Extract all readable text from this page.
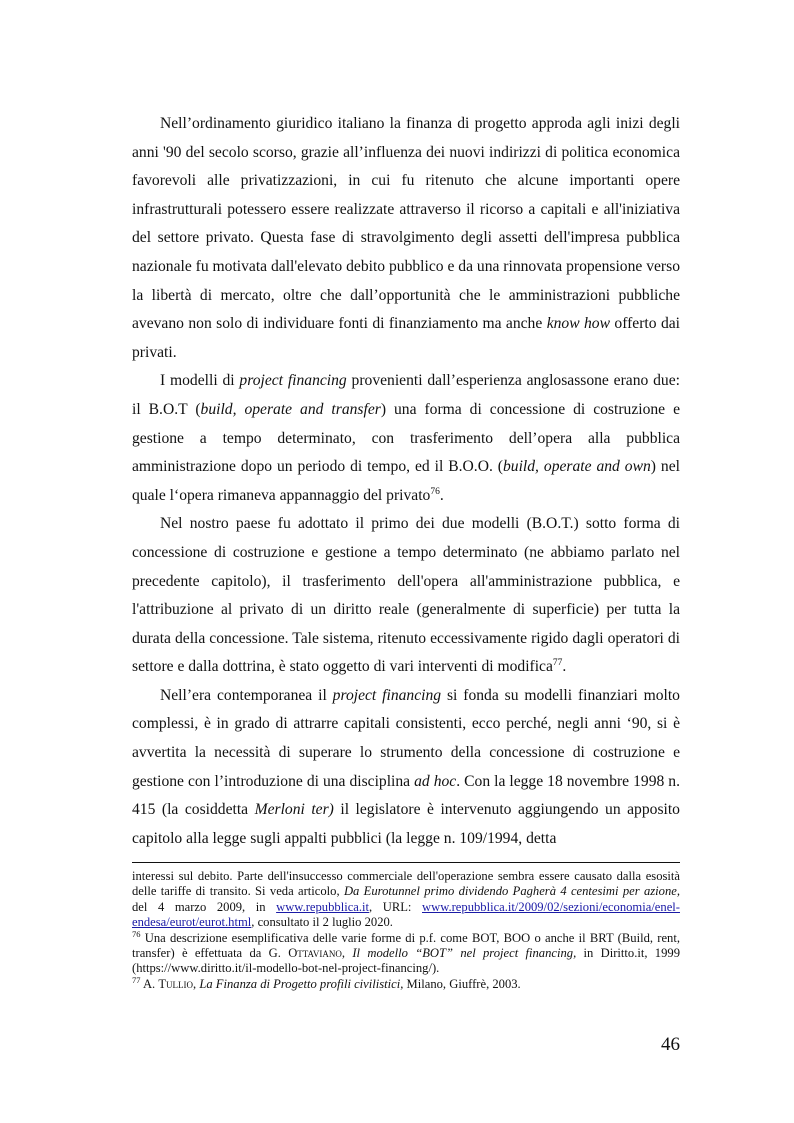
Nell’ordinamento giuridico italiano la finanza di progetto approda agli inizi degli anni '90 del secolo scorso, grazie all’influenza dei nuovi indirizzi di politica economica favorevoli alle privatizzazioni, in cui fu ritenuto che alcune importanti opere infrastrutturali potessero essere realizzate attraverso il ricorso a capitali e all'iniziativa del settore privato. Questa fase di stravolgimento degli assetti dell'impresa pubblica nazionale fu motivata dall'elevato debito pubblico e da una rinnovata propensione verso la libertà di mercato, oltre che dall’opportunità che le amministrazioni pubbliche avevano non solo di individuare fonti di finanziamento ma anche know how offerto dai privati.

I modelli di project financing provenienti dall’esperienza anglosassone erano due: il B.O.T (build, operate and transfer) una forma di concessione di costruzione e gestione a tempo determinato, con trasferimento dell’opera alla pubblica amministrazione dopo un periodo di tempo, ed il B.O.O. (build, operate and own) nel quale l‘opera rimaneva appannaggio del privato$^{76}$.

Nel nostro paese fu adottato il primo dei due modelli (B.O.T.) sotto forma di concessione di costruzione e gestione a tempo determinato (ne abbiamo parlato nel precedente capitolo), il trasferimento dell'opera all'amministrazione pubblica, e l'attribuzione al privato di un diritto reale (generalmente di superficie) per tutta la durata della concessione. Tale sistema, ritenuto eccessivamente rigido dagli operatori di settore e dalla dottrina, è stato oggetto di vari interventi di modifica$^{77}$.

Nell’era contemporanea il project financing si fonda su modelli finanziari molto complessi, è in grado di attrarre capitali consistenti, ecco perché, negli anni ‘90, si è avvertita la necessità di superare lo strumento della concessione di costruzione e gestione con l’introduzione di una disciplina ad hoc. Con la legge 18 novembre 1998 n. 415 (la cosiddetta Merloni ter) il legislatore è intervenuto aggiungendo un apposito capitolo alla legge sugli appalti pubblici (la legge n. 109/1994, detta

interessi sul debito. Parte dell'insuccesso commerciale dell'operazione sembra essere causato dalla esosità delle tariffe di transito. Si veda articolo, Da Eurotunnel primo dividendo Pagherà 4 centesimi per azione, del 4 marzo 2009, in www.repubblica.it, URL: www.repubblica.it/2009/02/sezioni/economia/enel-endesa/eurot/eurot.html, consultato il 2 luglio 2020.

$^{76}$ Una descrizione esemplificativa delle varie forme di p.f. come BOT, BOO o anche il BRT (Build, rent, transfer) è effettuata da G. Ottaviano, Il modello “BOT” nel project financing, in Diritto.it, 1999 (https://www.diritto.it/il-modello-bot-nel-project-financing/).

$^{77}$ A. Tullio, La Finanza di Progetto profili civilistici, Milano, Giuffrè, 2003.

46
